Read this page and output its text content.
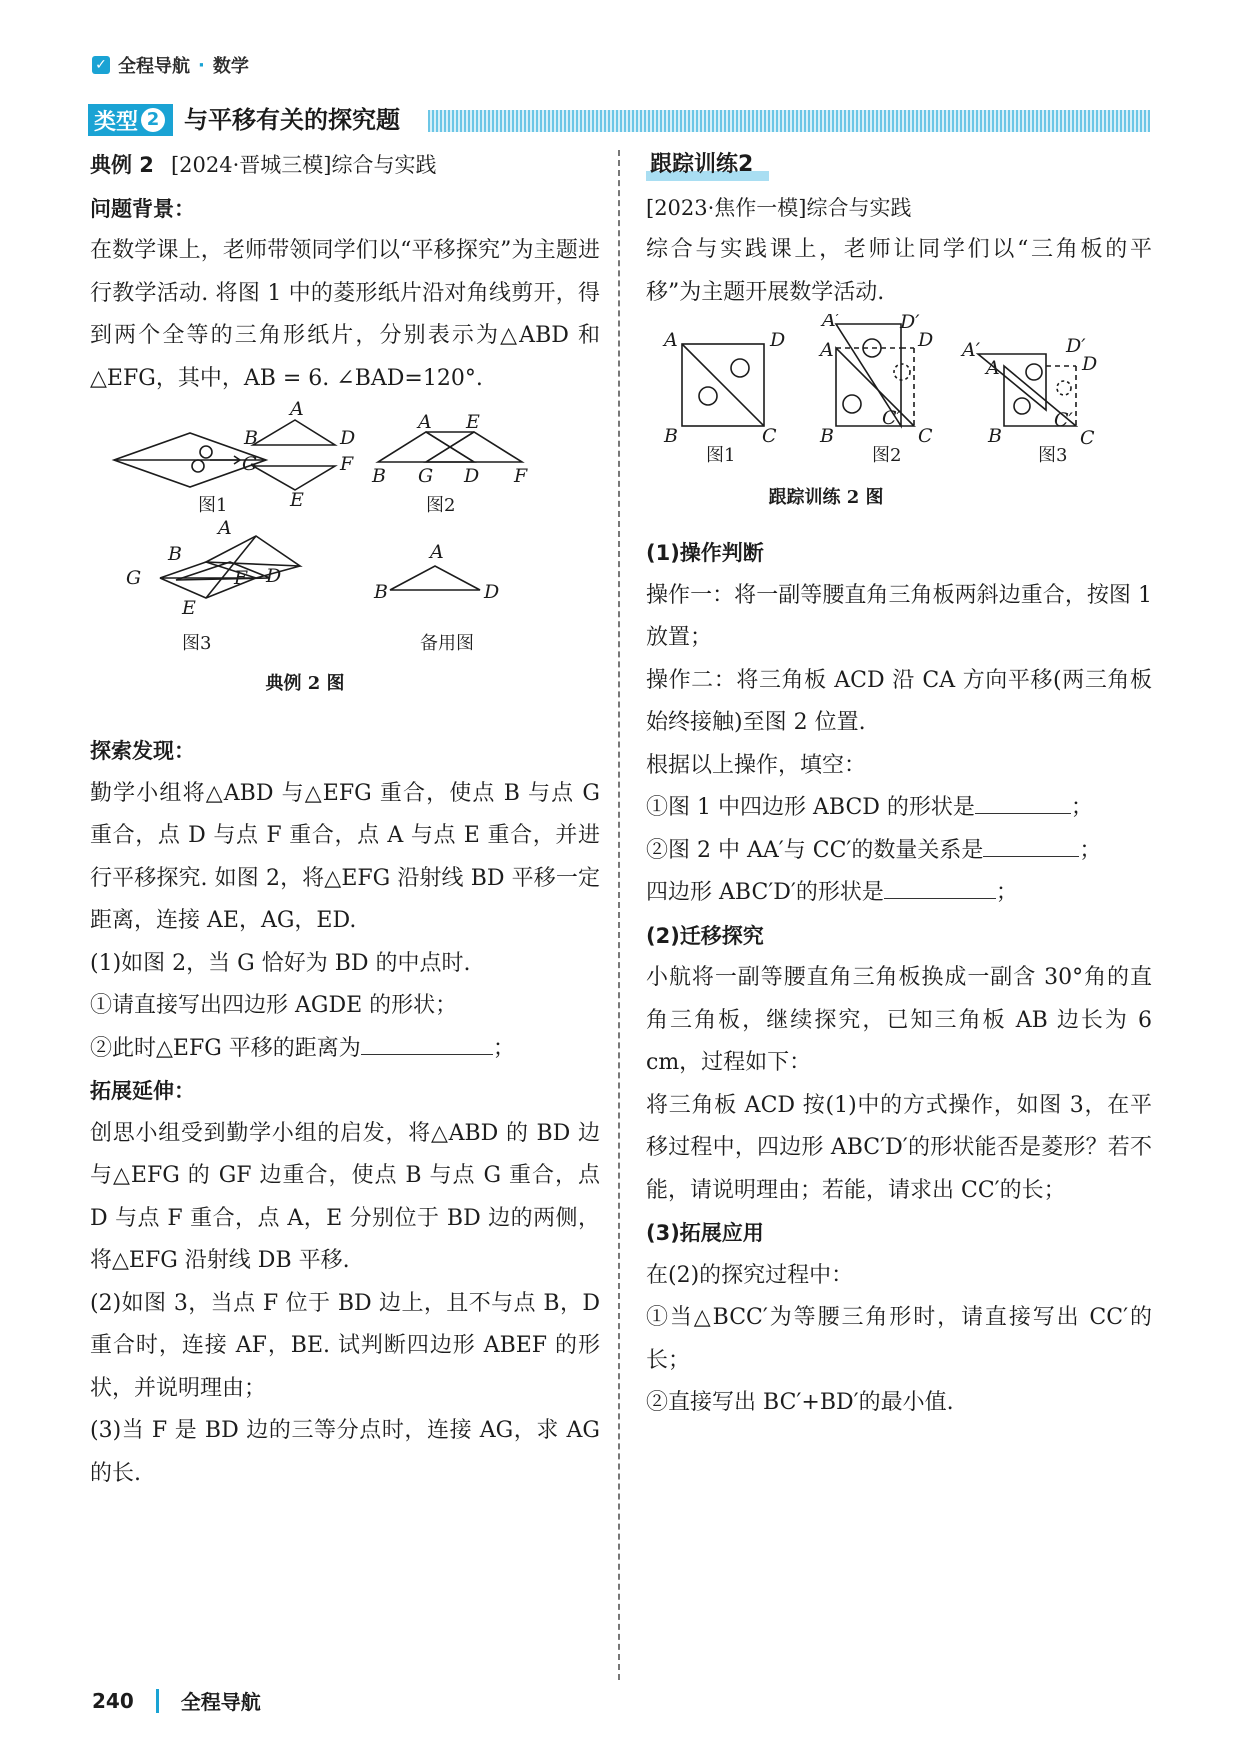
✓ 全程导航 · 数学
类型 2 与平移有关的探究题

典例 2 [2024·晋城三模]综合与实践

问题背景：

在数学课上，老师带领同学们以“平移探究”为主题进行教学活动. 将图 1 中的菱形纸片沿对角线剪开，得到两个全等的三角形纸片，分别表示为△ABD 和△EFG，其中，AB = 6. ∠BAD=120°.

A
B	D
G	F
E
A E
B G D F
A
B
G	D
F
E
A
B	D
图1	图2
图3	备用图
典例 2 图

探索发现：

勤学小组将△ABD 与△EFG 重合，使点 B 与点 G 重合，点 D 与点 F 重合，点 A 与点 E 重合，并进行平移探究. 如图 2，将△EFG 沿射线 BD 平移一定距离，连接 AE，AG，ED.

(1)如图 2，当 G 恰好为 BD 的中点时.

①请直接写出四边形 AGDE 的形状；

②此时△EFG 平移的距离为	；

拓展延伸：

创思小组受到勤学小组的启发，将△ABD 的 BD 边与△EFG 的 GF 边重合，使点 B 与点 G 重合，点 D 与点 F 重合，点 A，E 分别位于 BD 边的两侧，将△EFG 沿射线 DB 平移.

(2)如图 3，当点 F 位于 BD 边上，且不与点 B，D 重合时，连接 AF，BE. 试判断四边形 ABEF 的形状，并说明理由；

(3)当 F 是 BD 边的三等分点时，连接 AG，求 AG 的长.

跟踪训练2

[2023·焦作一模]综合与实践

综合与实践课上，老师让同学们以“三角板的平移”为主题开展数学活动.

A	D
B	C
A′	D′
D
A
C′
B	C
A′	D′
D
A
C′
B	C
图1	图2	图3
跟踪训练 2 图

(1)操作判断

操作一：将一副等腰直角三角板两斜边重合，按图 1 放置；

操作二：将三角板 ACD 沿 CA 方向平移(两三角板始终接触)至图 2 位置.

根据以上操作，填空：

①图 1 中四边形 ABCD 的形状是	；

②图 2 中 AA′与 CC′的数量关系是	；

四边形 ABC′D′的形状是	；

(2)迁移探究

小航将一副等腰直角三角板换成一副含 30°角的直角三角板，继续探究，已知三角板 AB 边长为 6 cm，过程如下：

将三角板 ACD 按(1)中的方式操作，如图 3，在平移过程中，四边形 ABC′D′的形状能否是菱形？若不能，请说明理由；若能，请求出 CC′的长；

(3)拓展应用

在(2)的探究过程中：

①当△BCC′为等腰三角形时，请直接写出 CC′的长；

②直接写出 BC′+BD′的最小值.

240 全程导航
